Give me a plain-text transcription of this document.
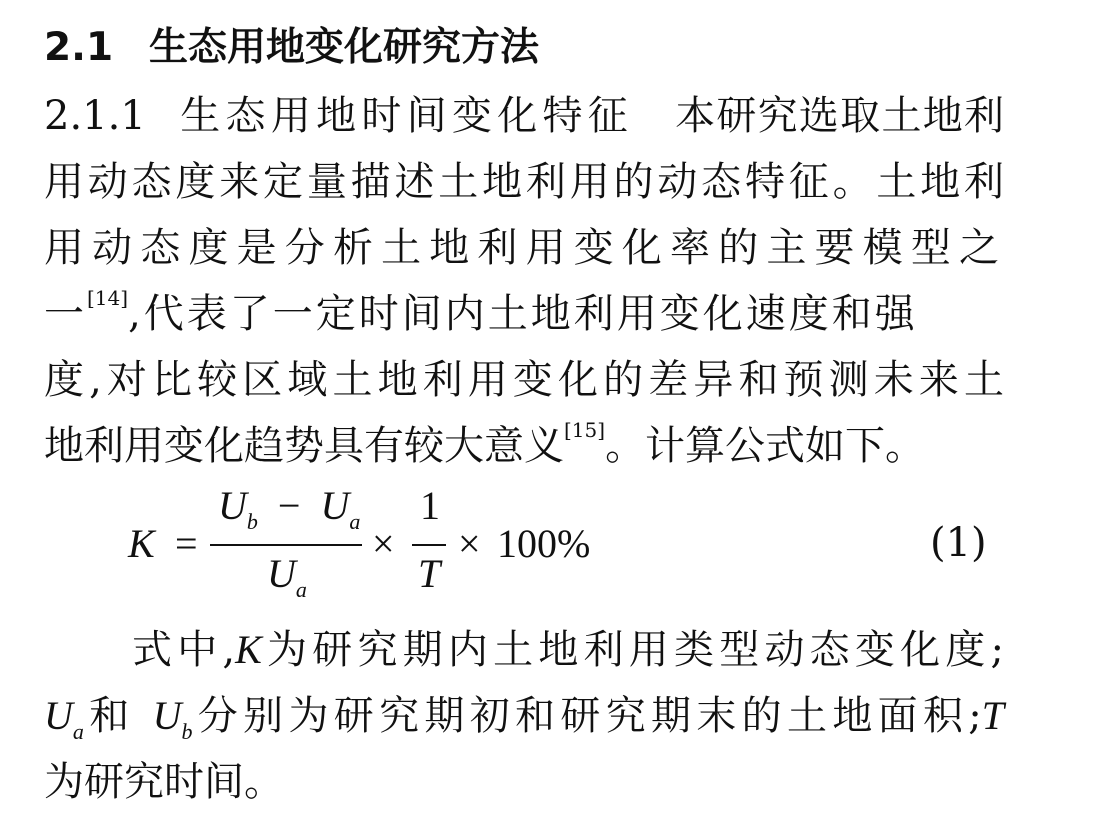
2.1 生态用地变化研究方法
2.1.1 生态用地时间变化特征 本研究选取土地利
用动态度来定量描述土地利用的动态特征。土地利
用动态度是分析土地利用变化率的主要模型之
一[14],代表了一定时间内土地利用变化速度和强
度,对比较区域土地利用变化的差异和预测未来土
地利用变化趋势具有较大意义[15]。计算公式如下。
K =
$U_b - U_a$
$U_a$
×
1
T
× 100%	(1)
式中,K为研究期内土地利用类型动态变化度;
$U_a$和 $U_b$分别为研究期初和研究期末的土地面积;T
为研究时间。
